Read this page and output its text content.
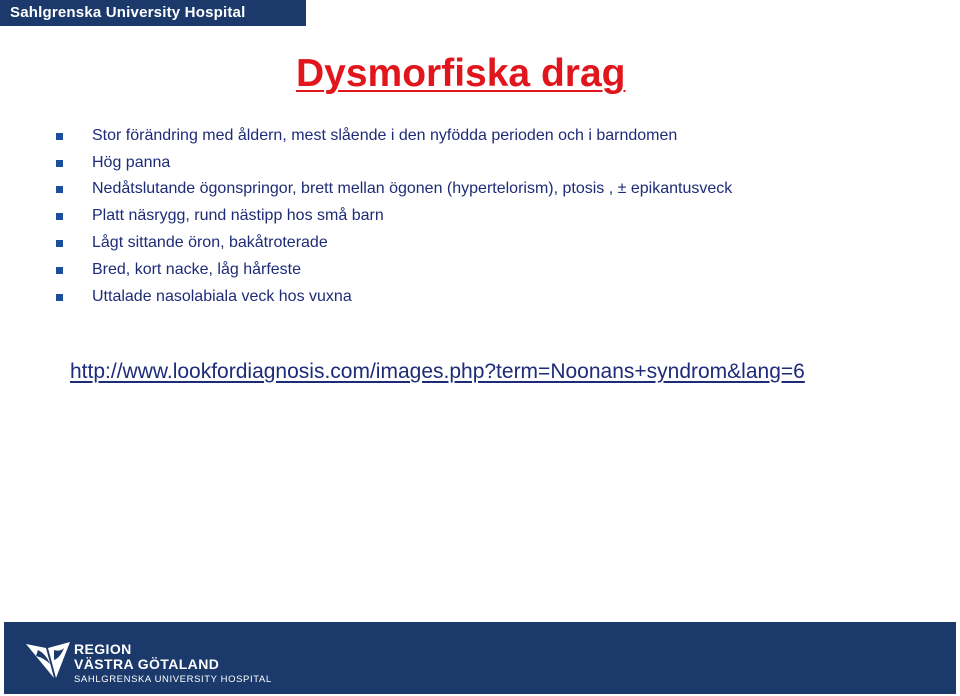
Sahlgrenska University Hospital
Dysmorfiska drag
Stor förändring med åldern, mest slående i den nyfödda perioden och i barndomen
Hög panna
Nedåtslutande ögonspringor, brett mellan ögonen (hypertelorism), ptosis , ± epikantusveck
Platt näsrygg, rund nästipp hos små barn
Lågt sittande öron, bakåtroterade
Bred, kort nacke, låg hårfeste
Uttalade nasolabiala veck hos vuxna
http://www.lookfordiagnosis.com/images.php?term=Noonans+syndrom&lang=6
REGION
VÄSTRA GÖTALAND
SAHLGRENSKA UNIVERSITY HOSPITAL
